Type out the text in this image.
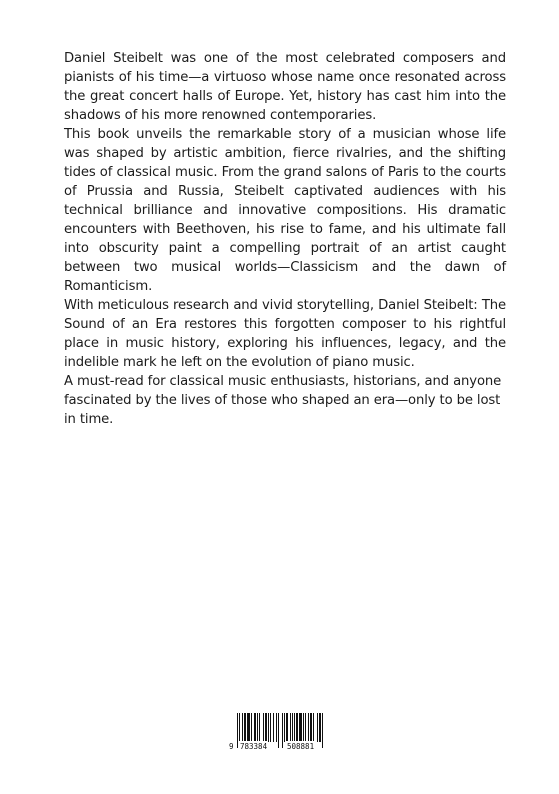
Daniel Steibelt was one of the most celebrated composers and pianists of his time—a virtuoso whose name once resonated across the great concert halls of Europe. Yet, history has cast him into the shadows of his more renowned contemporaries.

This book unveils the remarkable story of a musician whose life was shaped by artistic ambition, fierce rivalries, and the shifting tides of classical music. From the grand salons of Paris to the courts of Prussia and Russia, Steibelt captivated audiences with his technical brilliance and innovative compositions. His dramatic encounters with Beethoven, his rise to fame, and his ultimate fall into obscurity paint a compelling portrait of an artist caught between two musical worlds—Classicism and the dawn of Romanticism.

With meticulous research and vivid storytelling, Daniel Steibelt: The Sound of an Era restores this forgotten composer to his rightful place in music history, exploring his influences, legacy, and the indelible mark he left on the evolution of piano music.

A must-read for classical music enthusiasts, historians, and anyone fascinated by the lives of those who shaped an era—only to be lost in time.

9 783384	508881
